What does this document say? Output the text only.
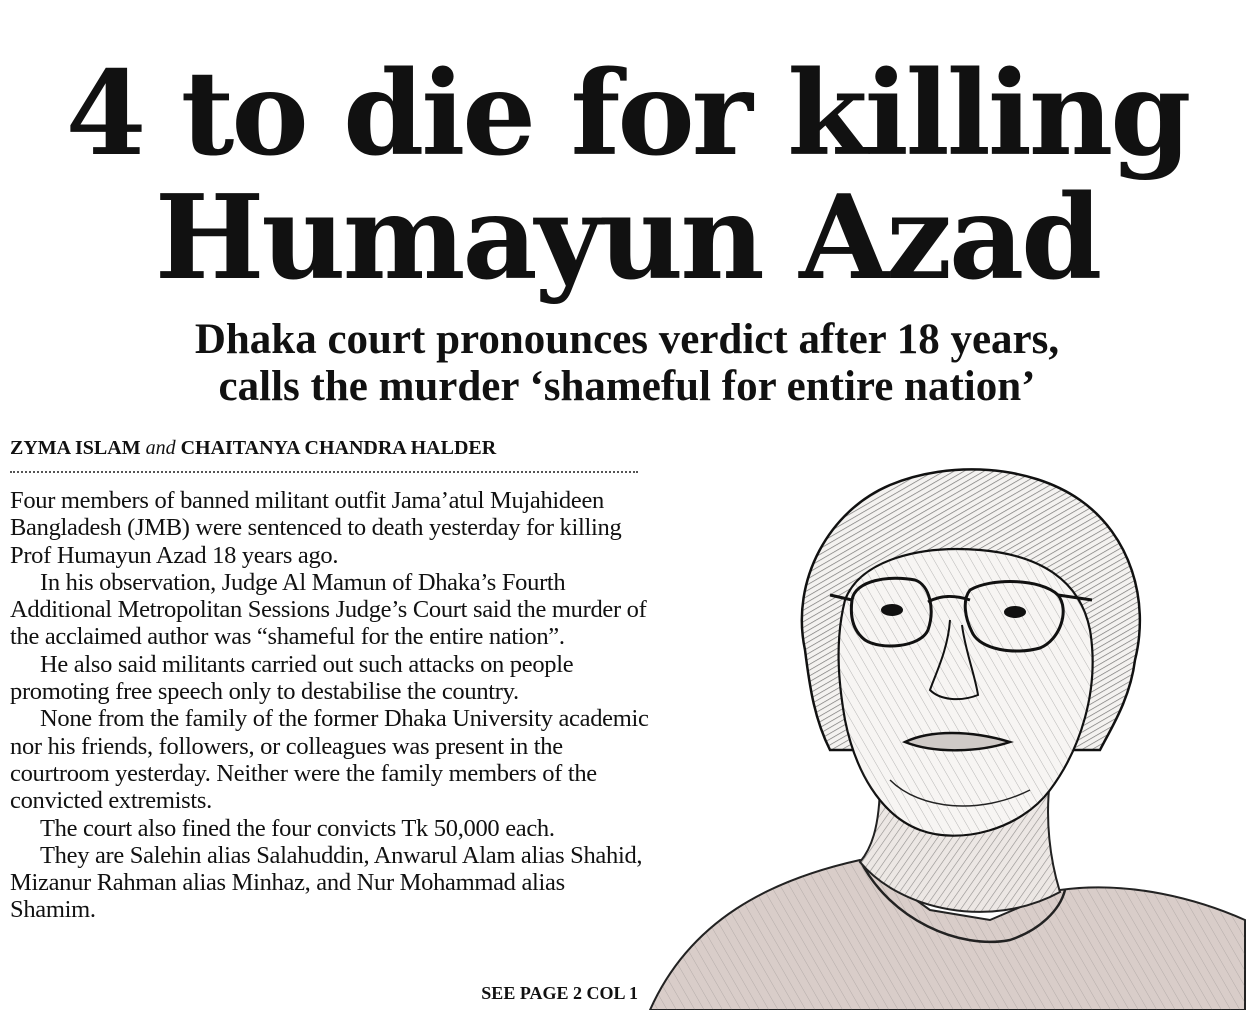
4 to die for killing
Humayun Azad
Dhaka court pronounces verdict after 18 years,
calls the murder ‘shameful for entire nation’
ZYMA ISLAM and CHAITANYA CHANDRA HALDER

Four members of banned militant outfit Jama’atul Mujahideen Bangladesh (JMB) were sentenced to death yesterday for killing Prof Humayun Azad 18 years ago.

In his observation, Judge Al Mamun of Dhaka’s Fourth Additional Metropolitan Sessions Judge’s Court said the murder of the acclaimed author was “shameful for the entire nation”.

He also said militants carried out such attacks on people promoting free speech only to destabilise the country.

None from the family of the former Dhaka University academic nor his friends, followers, or colleagues was present in the courtroom yesterday. Neither were the family members of the convicted extremists.

The court also fined the four convicts Tk 50,000 each.

They are Salehin alias Salahuddin, Anwarul Alam alias Shahid, Mizanur Rahman alias Minhaz, and Nur Mohammad alias Shamim.

SEE PAGE 2 COL 1
